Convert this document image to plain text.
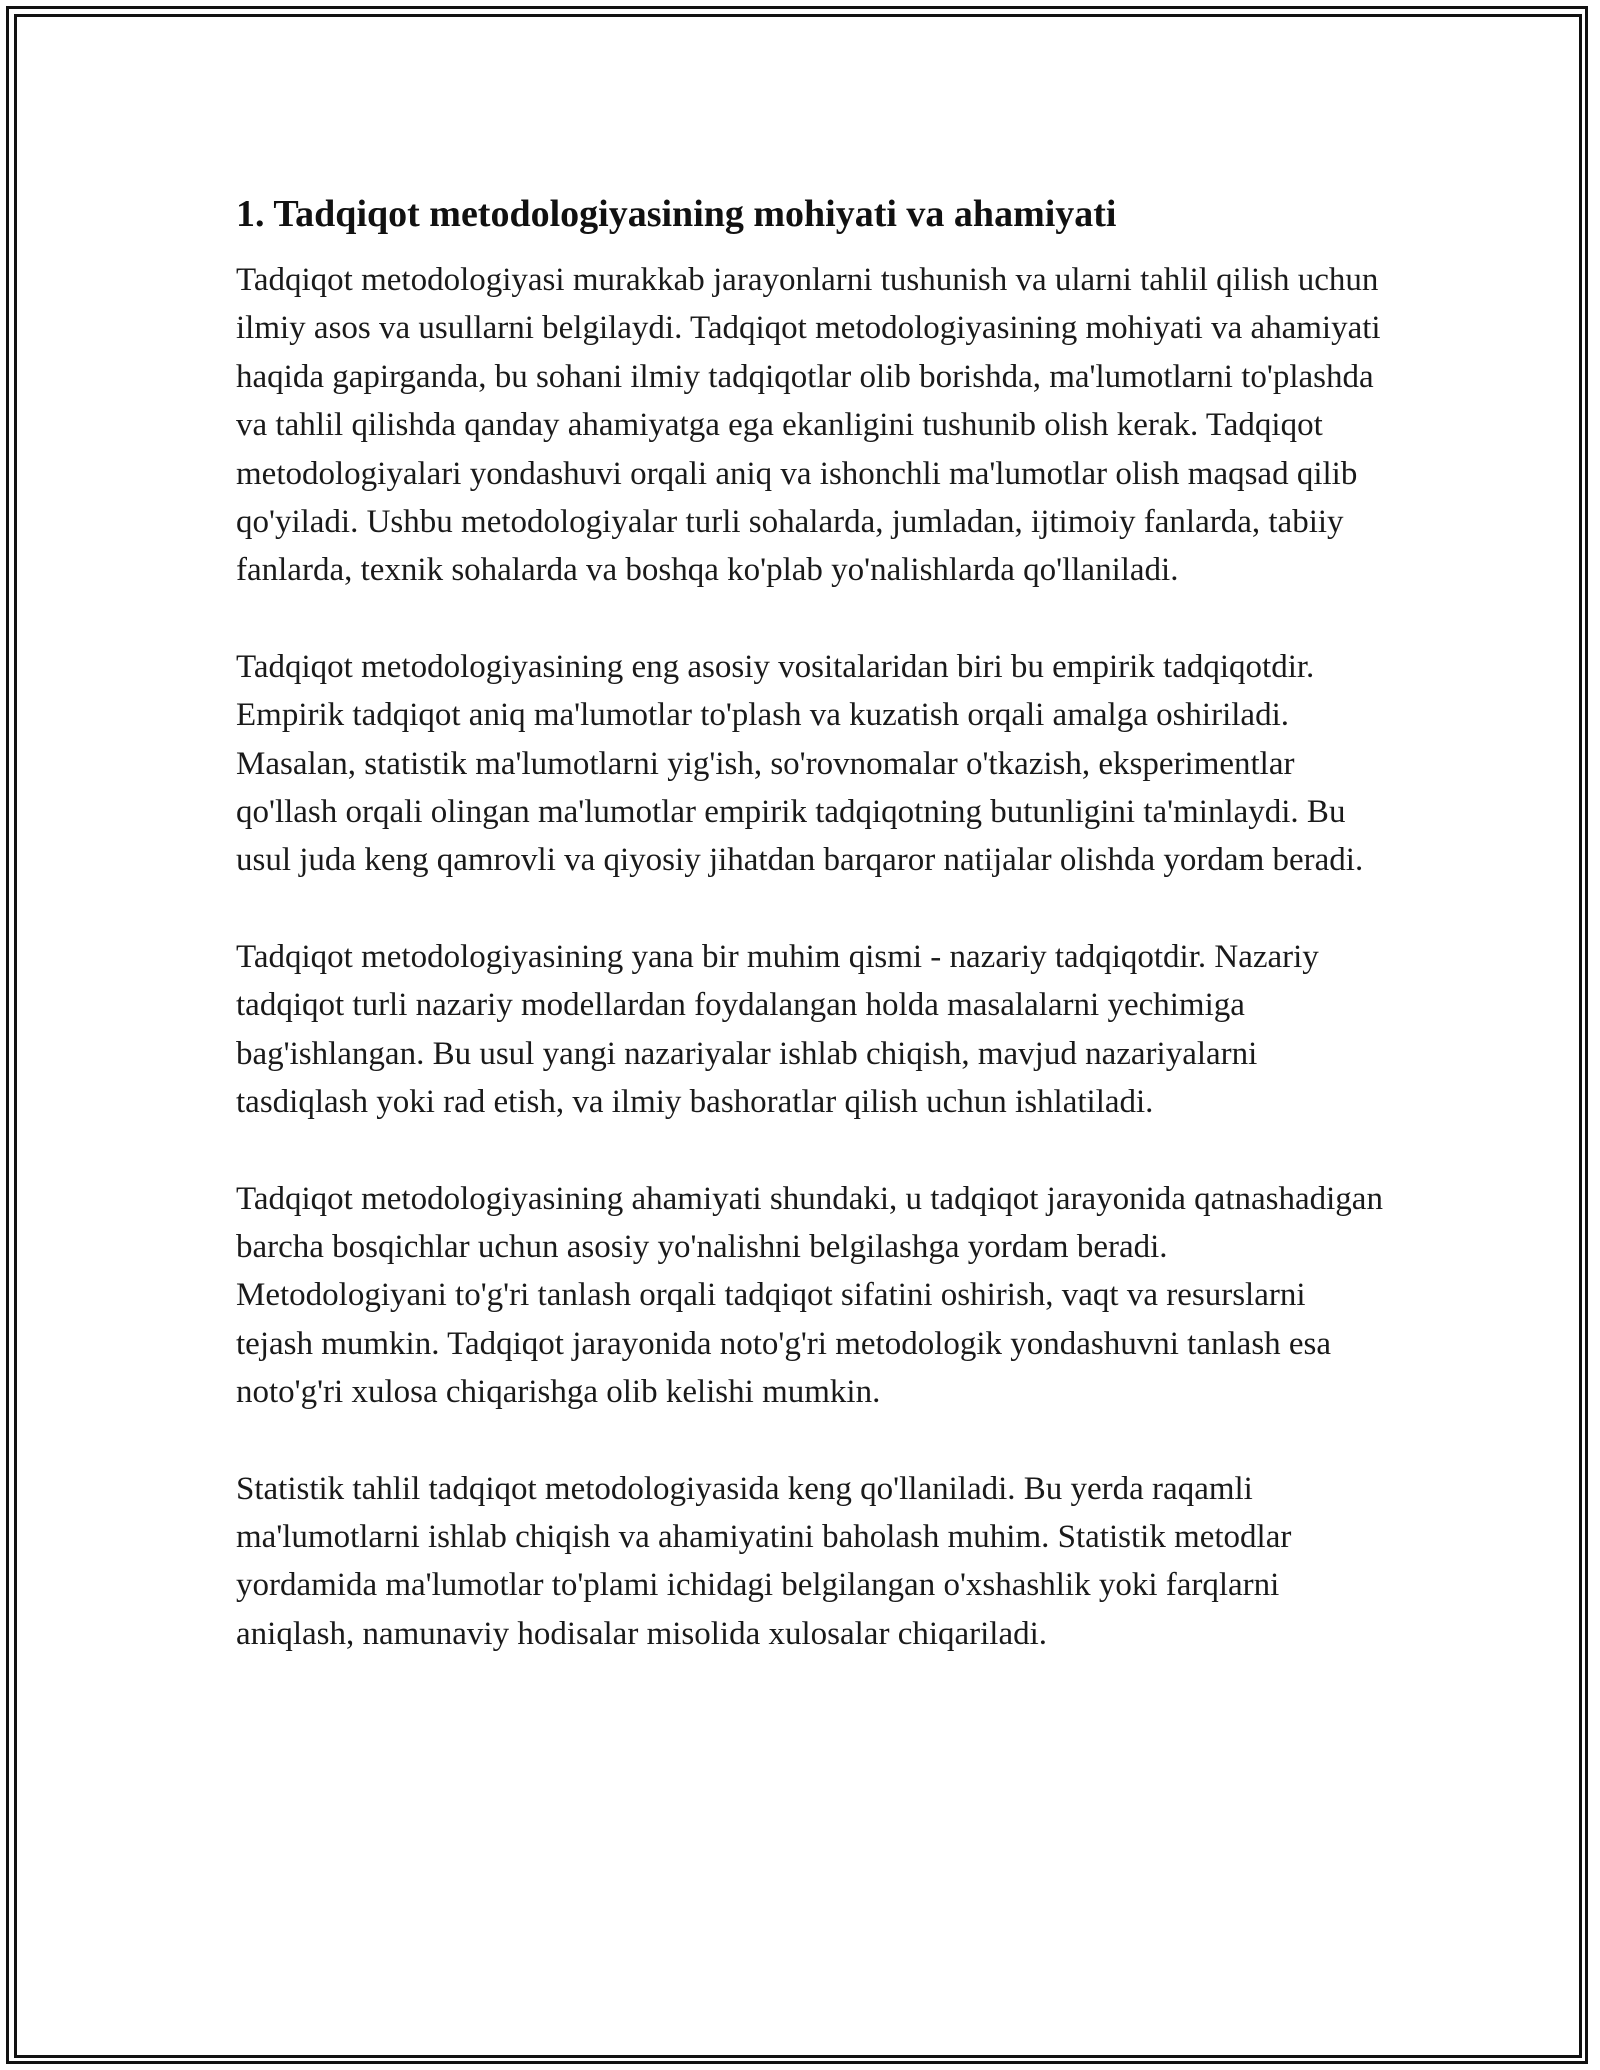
1. Tadqiqot metodologiyasining mohiyati va ahamiyati

Tadqiqot metodologiyasi murakkab jarayonlarni tushunish va ularni tahlil qilish uchun ilmiy asos va usullarni belgilaydi. Tadqiqot metodologiyasining mohiyati va ahamiyati haqida gapirganda, bu sohani ilmiy tadqiqotlar olib borishda, ma'lumotlarni to'plashda va tahlil qilishda qanday ahamiyatga ega ekanligini tushunib olish kerak. Tadqiqot metodologiyalari yondashuvi orqali aniq va ishonchli ma'lumotlar olish maqsad qilib qo'yiladi. Ushbu metodologiyalar turli sohalarda, jumladan, ijtimoiy fanlarda, tabiiy fanlarda, texnik sohalarda va boshqa ko'plab yo'nalishlarda qo'llaniladi.

Tadqiqot metodologiyasining eng asosiy vositalaridan biri bu empirik tadqiqotdir. Empirik tadqiqot aniq ma'lumotlar to'plash va kuzatish orqali amalga oshiriladi. Masalan, statistik ma'lumotlarni yig'ish, so'rovnomalar o'tkazish, eksperimentlar qo'llash orqali olingan ma'lumotlar empirik tadqiqotning butunligini ta'minlaydi. Bu usul juda keng qamrovli va qiyosiy jihatdan barqaror natijalar olishda yordam beradi.

Tadqiqot metodologiyasining yana bir muhim qismi - nazariy tadqiqotdir. Nazariy tadqiqot turli nazariy modellardan foydalangan holda masalalarni yechimiga bag'ishlangan. Bu usul yangi nazariyalar ishlab chiqish, mavjud nazariyalarni tasdiqlash yoki rad etish, va ilmiy bashoratlar qilish uchun ishlatiladi.

Tadqiqot metodologiyasining ahamiyati shundaki, u tadqiqot jarayonida qatnashadigan barcha bosqichlar uchun asosiy yo'nalishni belgilashga yordam beradi. Metodologiyani to'g'ri tanlash orqali tadqiqot sifatini oshirish, vaqt va resurslarni tejash mumkin. Tadqiqot jarayonida noto'g'ri metodologik yondashuvni tanlash esa noto'g'ri xulosa chiqarishga olib kelishi mumkin.

Statistik tahlil tadqiqot metodologiyasida keng qo'llaniladi. Bu yerda raqamli ma'lumotlarni ishlab chiqish va ahamiyatini baholash muhim. Statistik metodlar yordamida ma'lumotlar to'plami ichidagi belgilangan o'xshashlik yoki farqlarni aniqlash, namunaviy hodisalar misolida xulosalar chiqariladi.
